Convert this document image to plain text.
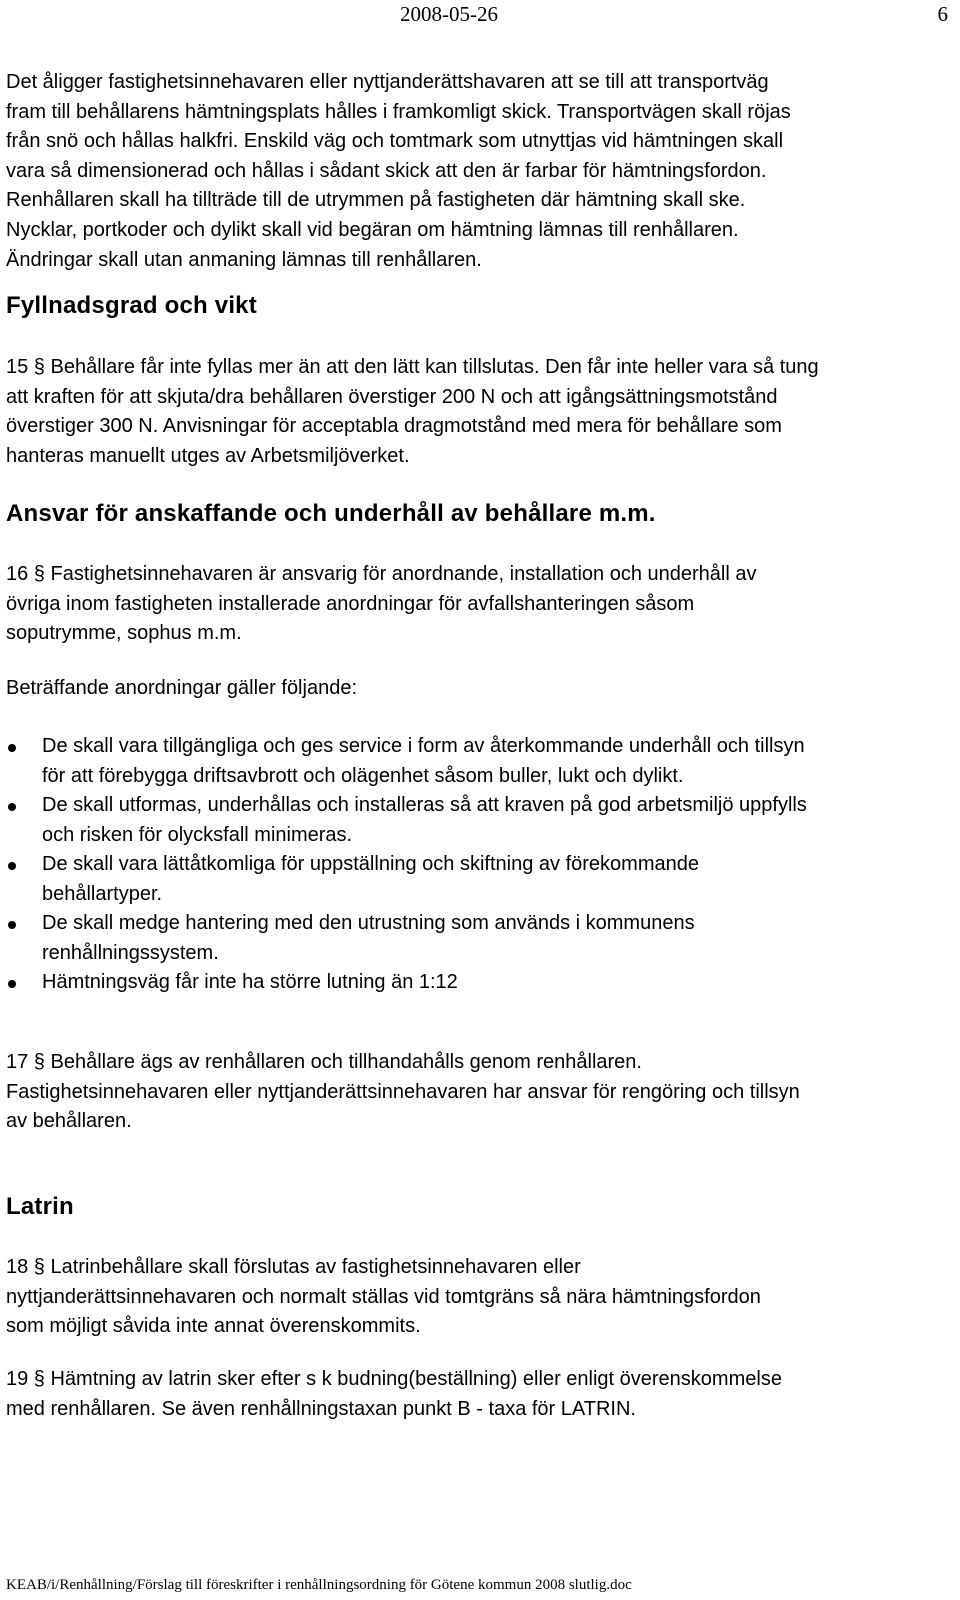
2008-05-26	6
Det åligger fastighetsinnehavaren eller nyttjanderättshavaren att se till att transportväg
fram till behållarens hämtningsplats hålles i framkomligt skick. Transportvägen skall röjas
från snö och hållas halkfri. Enskild väg och tomtmark som utnyttjas vid hämtningen skall
vara så dimensionerad och hållas i sådant skick att den är farbar för hämtningsfordon.
Renhållaren skall ha tillträde till de utrymmen på fastigheten där hämtning skall ske.
Nycklar, portkoder och dylikt skall vid begäran om hämtning lämnas till renhållaren.
Ändringar skall utan anmaning lämnas till renhållaren.
Fyllnadsgrad och vikt
15 § Behållare får inte fyllas mer än att den lätt kan tillslutas. Den får inte heller vara så tung
att kraften för att skjuta/dra behållaren överstiger 200 N och att igångsättningsmotstånd
överstiger 300 N. Anvisningar för acceptabla dragmotstånd med mera för behållare som
hanteras manuellt utges av Arbetsmiljöverket.
Ansvar för anskaffande och underhåll av behållare m.m.
16 § Fastighetsinnehavaren är ansvarig för anordnande, installation och underhåll av
övriga inom fastigheten installerade anordningar för avfallshanteringen såsom
soputrymme, sophus m.m.
Beträffande anordningar gäller följande:
De skall vara tillgängliga och ges service i form av återkommande underhåll och tillsyn
för att förebygga driftsavbrott och olägenhet såsom buller, lukt och dylikt.
De skall utformas, underhållas och installeras så att kraven på god arbetsmiljö uppfylls
och risken för olycksfall minimeras.
De skall vara lättåtkomliga för uppställning och skiftning av förekommande
behållartyper.
De skall medge hantering med den utrustning som används i kommunens
renhållningssystem.
Hämtningsväg får inte ha större lutning än 1:12
17 § Behållare ägs av renhållaren och tillhandahålls genom renhållaren.
Fastighetsinnehavaren eller nyttjanderättsinnehavaren har ansvar för rengöring och tillsyn
av behållaren.
Latrin
18 § Latrinbehållare skall förslutas av fastighetsinnehavaren eller
nyttjanderättsinnehavaren och normalt ställas vid tomtgräns så nära hämtningsfordon
som möjligt såvida inte annat överenskommits.
19 § Hämtning av latrin sker efter s k budning(beställning) eller enligt överenskommelse
med renhållaren. Se även renhållningstaxan punkt B - taxa för LATRIN.
KEAB/i/Renhållning/Förslag till föreskrifter i renhållningsordning för Götene kommun 2008 slutlig.doc
